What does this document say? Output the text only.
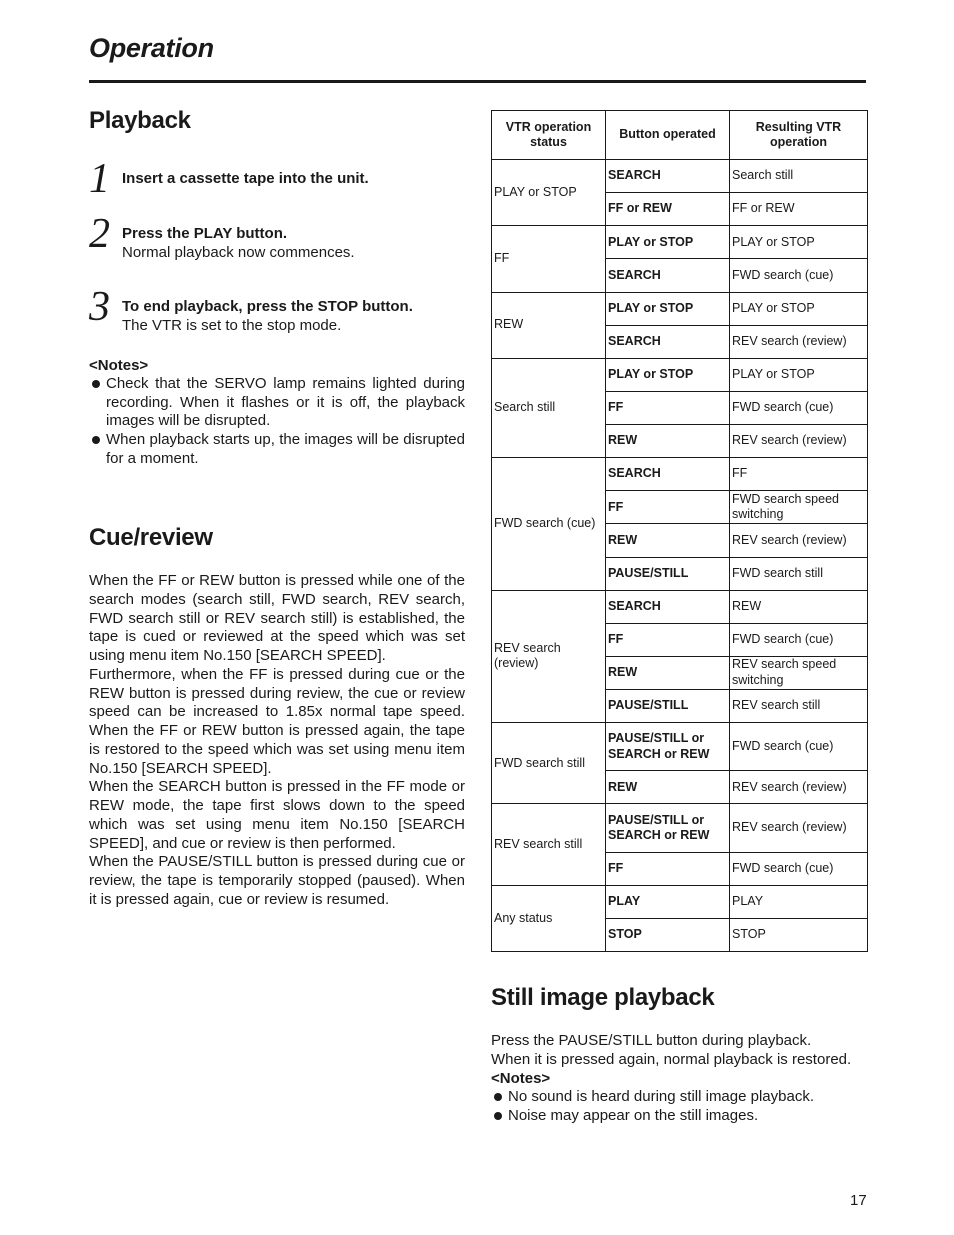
Operation
Playback
1 Insert a cassette tape into the unit.
2 Press the PLAY button.
Normal playback now commences.
3 To end playback, press the STOP button.
The VTR is set to the stop mode.
<Notes>
Check that the SERVO lamp remains lighted during recording. When it flashes or it is off, the playback images will be disrupted.
When playback starts up, the images will be disrupted for a moment.
Cue/review

When the FF or REW button is pressed while one of the search modes (search still, FWD search, REV search, FWD search still or REV search still) is established, the tape is cued or reviewed at the speed which was set using menu item No.150 [SEARCH SPEED].

Furthermore, when the FF is pressed during cue or the REW button is pressed during review, the cue or review speed can be increased to 1.85x normal tape speed. When the FF or REW button is pressed again, the tape is restored to the speed which was set using menu item No.150 [SEARCH SPEED].

When the SEARCH button is pressed in the FF mode or REW mode, the tape first slows down to the speed which was set using menu item No.150 [SEARCH SPEED], and cue or review is then performed.

When the PAUSE/STILL button is pressed during cue or review, the tape is temporarily stopped (paused). When it is pressed again, cue or review is resumed.

VTR operation status	Button operated	Resulting VTR operation
PLAY or STOP	SEARCH	Search still
	FF or REW	FF or REW
FF	PLAY or STOP	PLAY or STOP
	SEARCH	FWD search (cue)
REW	PLAY or STOP	PLAY or STOP
	SEARCH	REV search (review)
Search still	PLAY or STOP	PLAY or STOP
	FF	FWD search (cue)
	REW	REV search (review)
FWD search (cue)	SEARCH	FF
	FF	FWD search speed switching
	REW	REV search (review)
	PAUSE/STILL	FWD search still
REV search (review)	SEARCH	REW
	FF	FWD search (cue)
	REW	REV search speed switching
	PAUSE/STILL	REV search still
FWD search still	PAUSE/STILL or SEARCH or REW	FWD search (cue)
	REW	REV search (review)
REV search still	PAUSE/STILL or SEARCH or REW	REV search (review)
	FF	FWD search (cue)
Any status	PLAY	PLAY
	STOP	STOP
Still image playback

Press the PAUSE/STILL button during playback.

When it is pressed again, normal playback is restored.

<Notes>
No sound is heard during still image playback.
Noise may appear on the still images.
17
